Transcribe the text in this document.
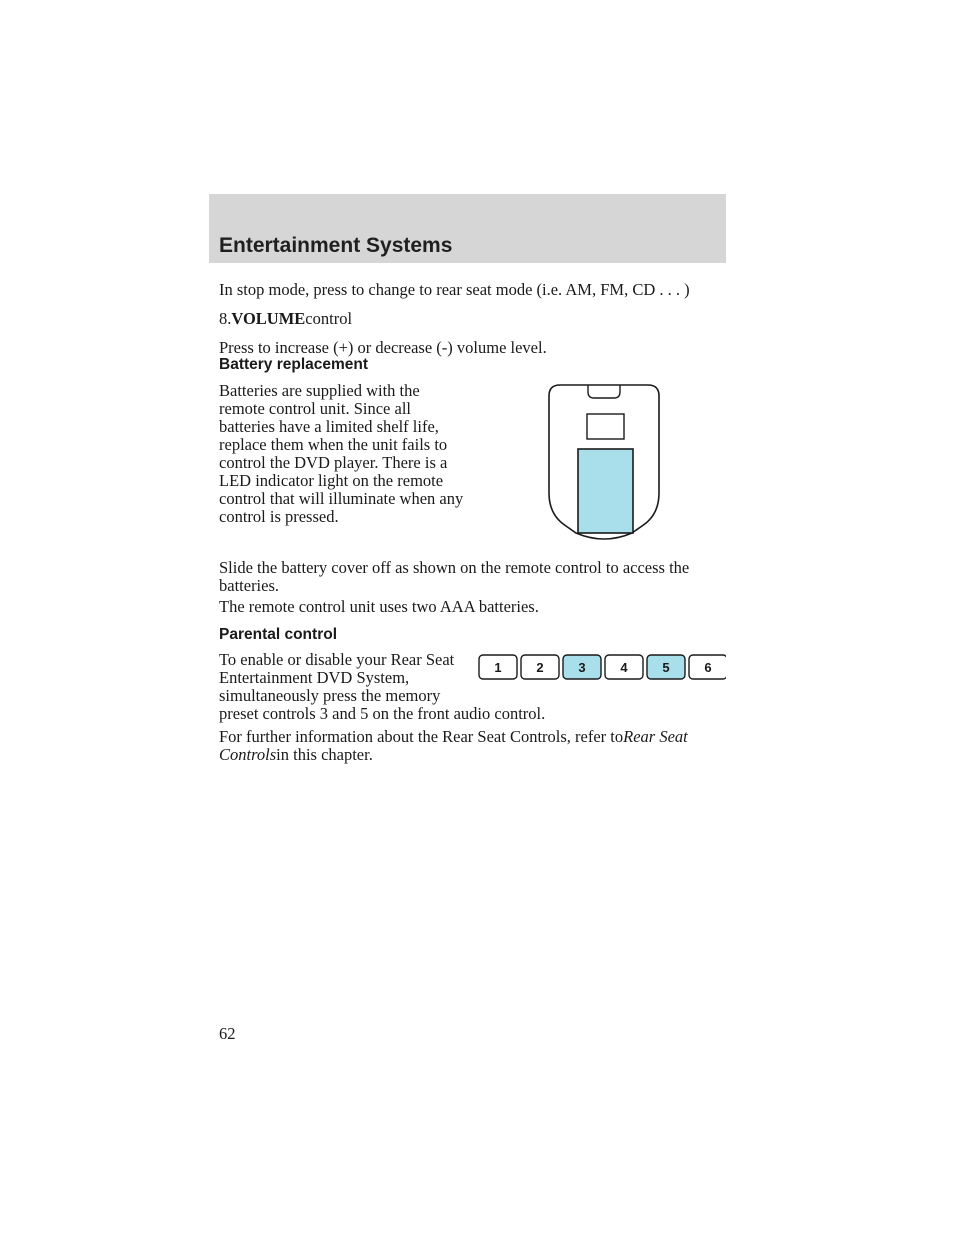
Entertainment Systems
In stop mode, press to change to rear seat mode (i.e. AM, FM, CD . . . )
8.VOLUMEcontrol
Press to increase (+) or decrease (-) volume level.
Battery replacement
Batteries are supplied with the
remote control unit. Since all
batteries have a limited shelf life,
replace them when the unit fails to
control the DVD player. There is a
LED indicator light on the remote
control that will illuminate when any
control is pressed.
Slide the battery cover off as shown on the remote control to access the
batteries.
The remote control unit uses two AAA batteries.
Parental control
To enable or disable your Rear Seat
Entertainment DVD System,
simultaneously press the memory
preset controls 3 and 5 on the front audio control.
1	2	3	4	5	6
For further information about the Rear Seat Controls, refer toRear Seat
Controlsin this chapter.
62
